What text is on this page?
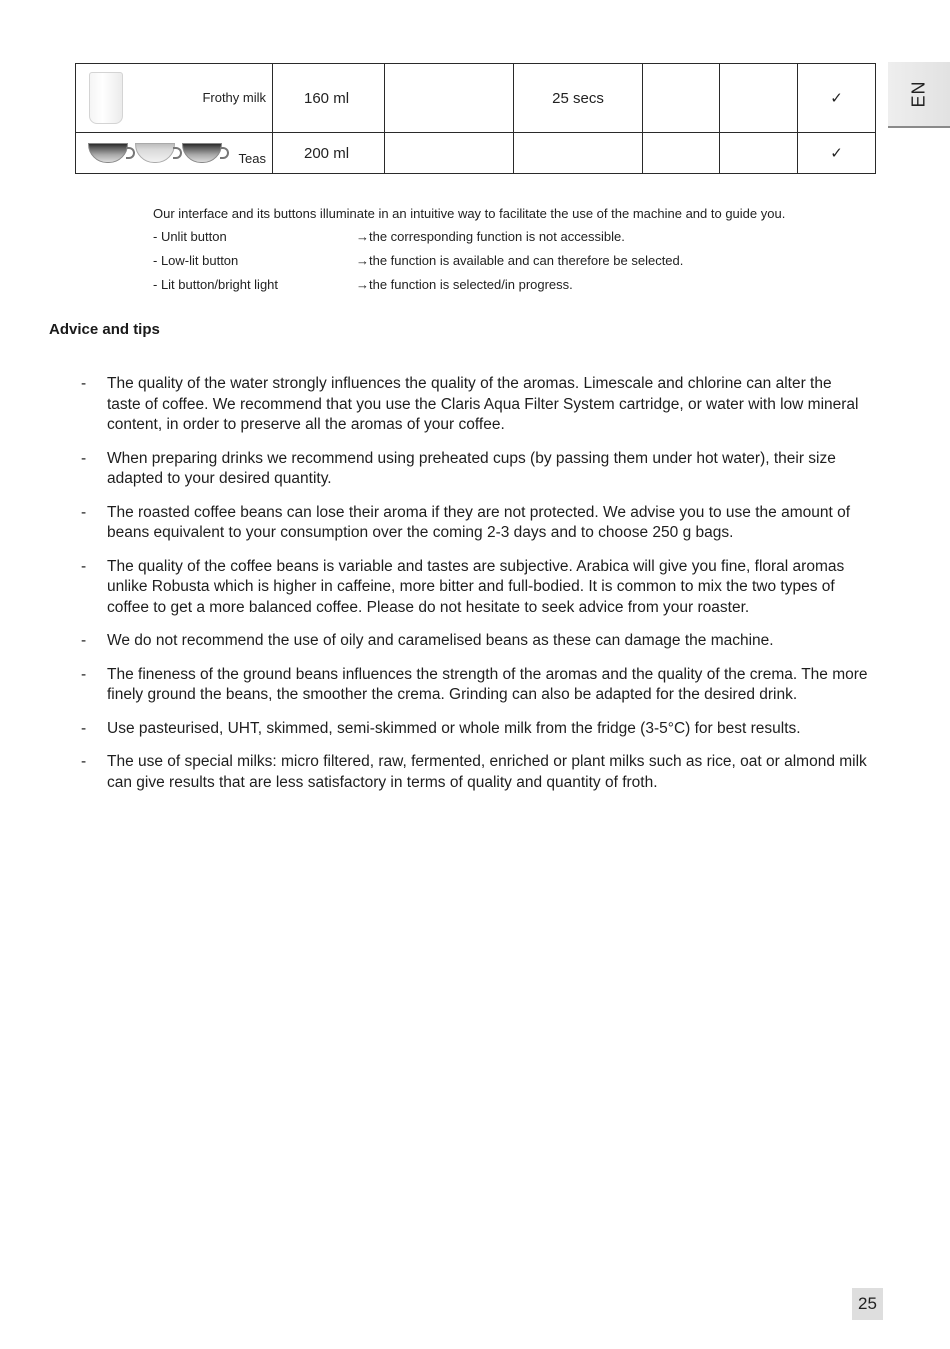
EN
Frothy milk	160 ml		25 secs			✓

Teas	200 ml					✓
Our interface and its buttons illuminate in an intuitive way to facilitate the use of the machine and to guide you.
- Unlit button	→the corresponding function is not accessible.
- Low-lit button	→the function is available and can therefore be selected.
- Lit button/bright light	→the function is selected/in progress.
Advice and tips
- The quality of the water strongly influences the quality of the aromas. Limescale and chlorine can alter the taste of coffee. We recommend that you use the Claris Aqua Filter System cartridge, or water with low mineral content, in order to preserve all the aromas of your coffee.
- When preparing drinks we recommend using preheated cups (by passing them under hot water), their size adapted to your desired quantity.
- The roasted coffee beans can lose their aroma if they are not protected. We advise you to use the amount of beans equivalent to your consumption over the coming 2-3 days and to choose 250 g bags.
- The quality of the coffee beans is variable and tastes are subjective. Arabica will give you fine, floral aromas unlike Robusta which is higher in caffeine, more bitter and full-bodied. It is common to mix the two types of coffee to get a more balanced coffee. Please do not hesitate to seek advice from your roaster.
- We do not recommend the use of oily and caramelised beans as these can damage the machine.
- The fineness of the ground beans influences the strength of the aromas and the quality of the crema. The more finely ground the beans, the smoother the crema. Grinding can also be adapted for the desired drink.
- Use pasteurised, UHT, skimmed, semi-skimmed or whole milk from the fridge (3-5°C) for best results.
- The use of special milks: micro filtered, raw, fermented, enriched or plant milks such as rice, oat or almond milk can give results that are less satisfactory in terms of quality and quantity of froth.
25
